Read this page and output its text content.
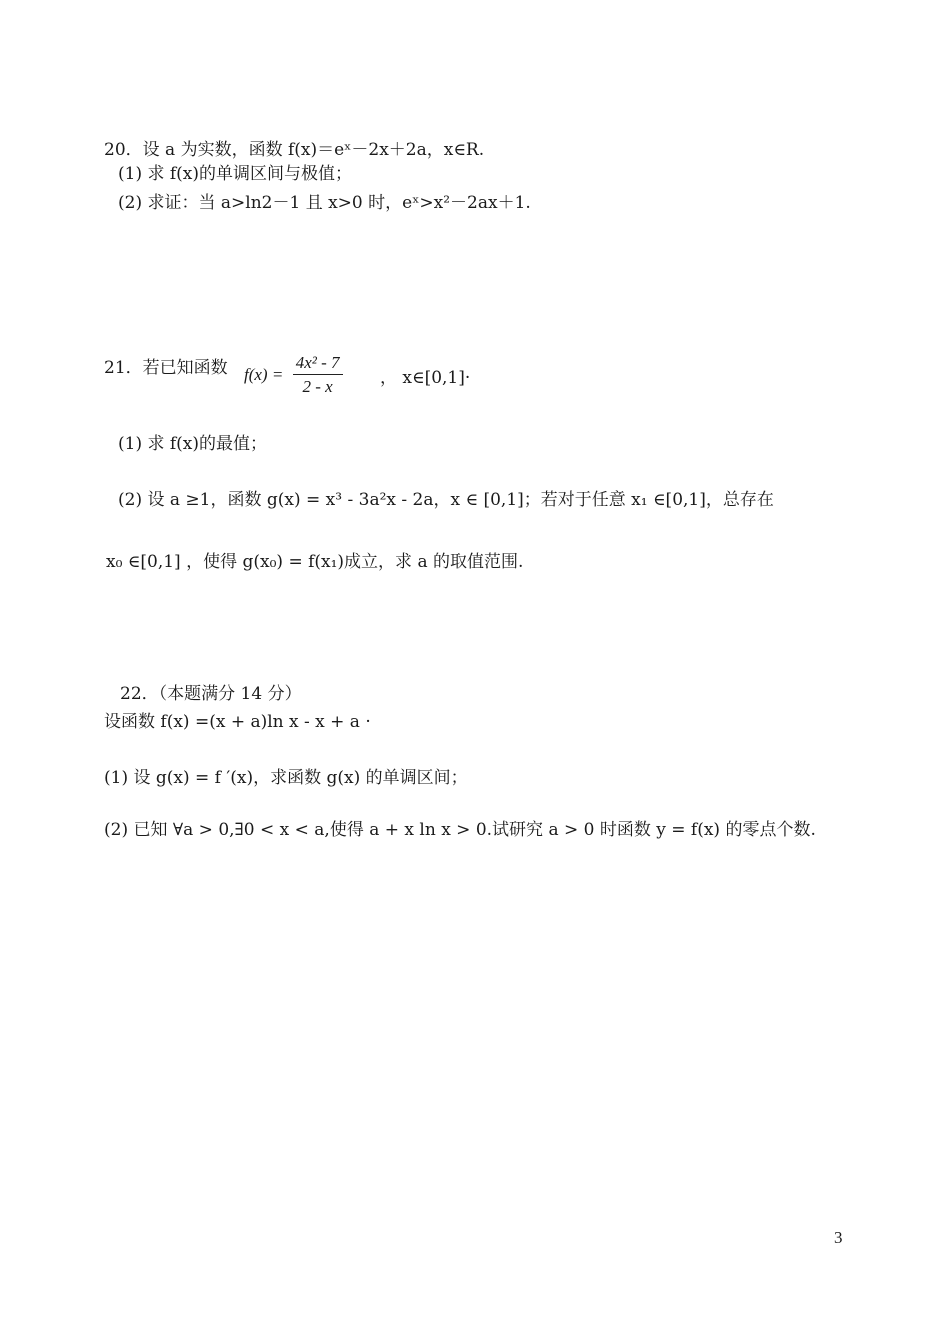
20．设 a 为实数，函数 f(x)＝eˣ－2x＋2a，x∈R.
(1) 求 f(x)的单调区间与极值；
(2) 求证：当 a>ln2－1 且 x>0 时，eˣ>x²－2ax＋1.
21．若已知函数 $f(x) = \frac{\text{4x² - 7}}{2 - x}$ ， x∈[0,1]·
(1) 求 f(x)的最值；
(2) 设 a ≥1，函数 g(x) = x³ - 3a²x - 2a，x ∈ [0,1]；若对于任意 x₁ ∈[0,1]，总存在
x₀ ∈[0,1] ，使得 g(x₀) = f(x₁)成立，求 a 的取值范围.
22．（本题满分 14 分）
设函数 f(x) =(x + a)ln x - x + a ·
(1) 设 g(x) = f ′(x)，求函数 g(x) 的单调区间；
(2) 已知 ∀a > 0,∃0 < x < a,使得 a + x ln x > 0.试研究 a > 0 时函数 y = f(x) 的零点个数.
3
